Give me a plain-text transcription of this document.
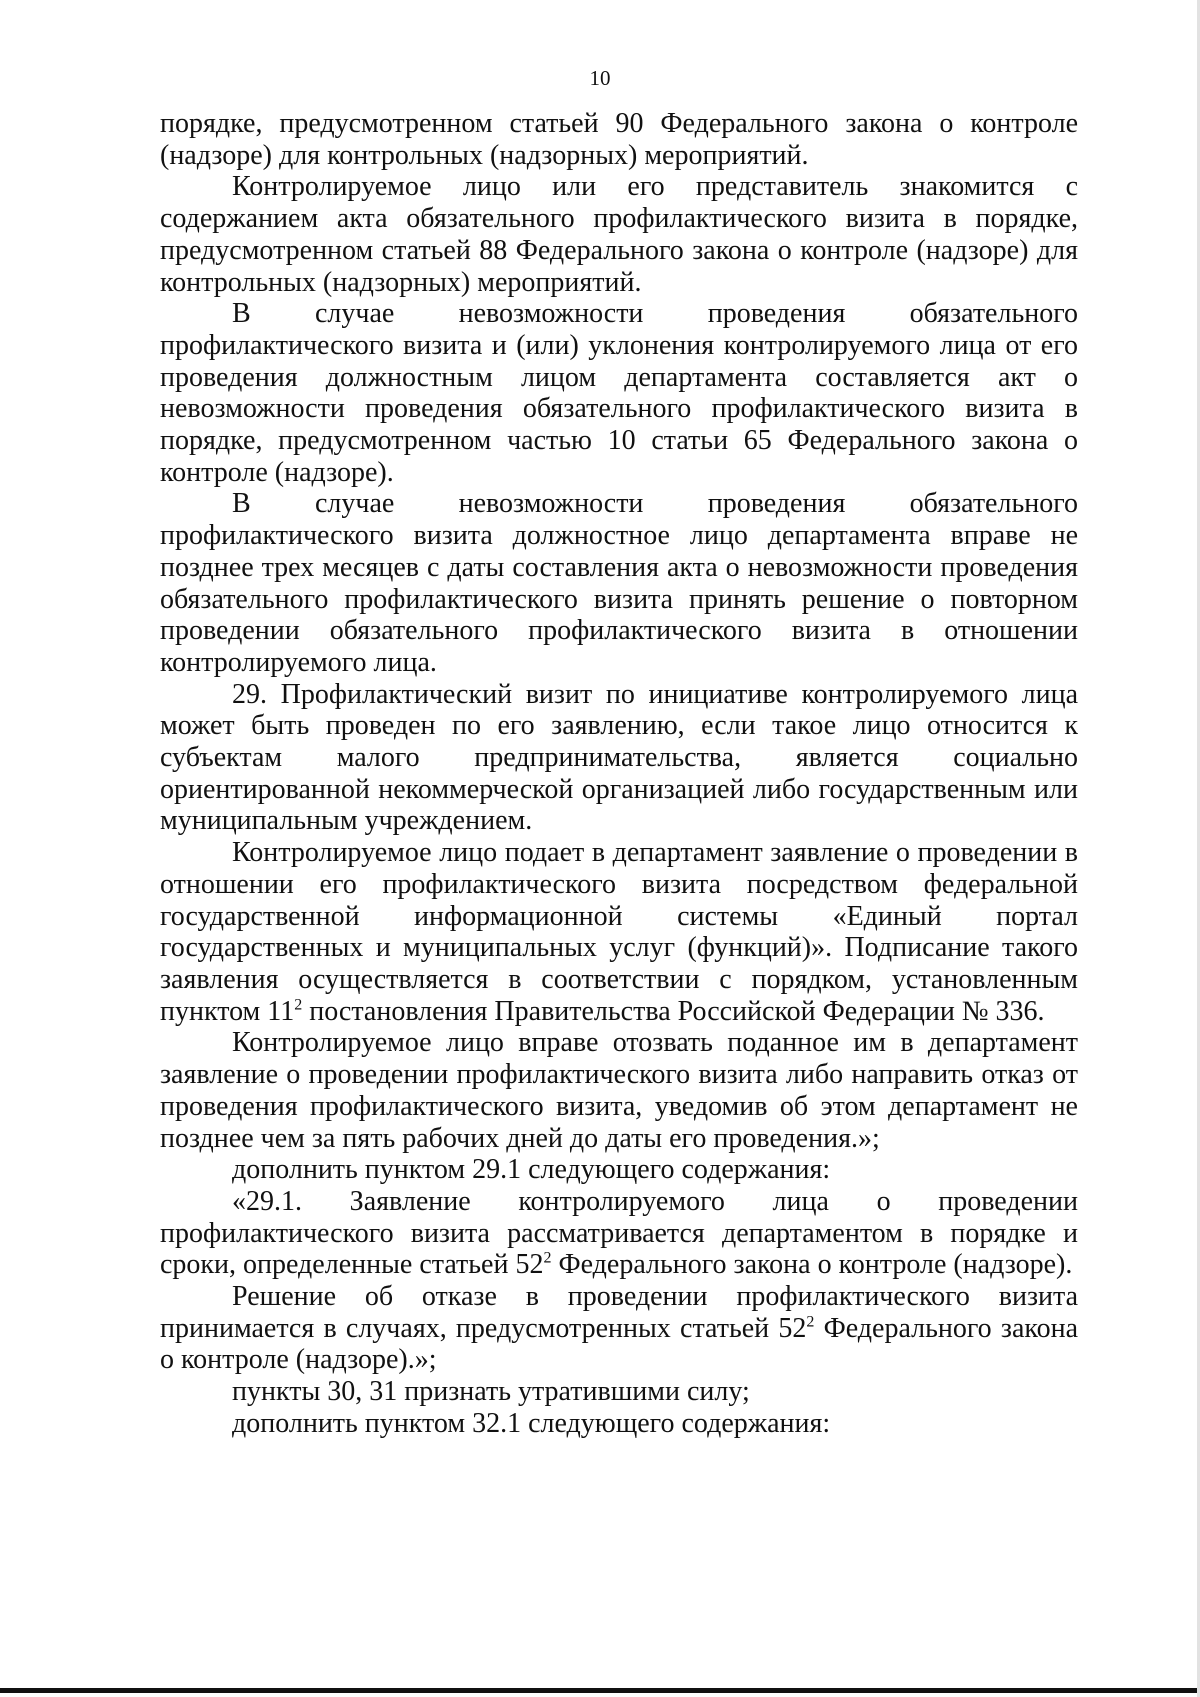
10

порядке, предусмотренном статьей 90 Федерального закона о контроле (надзоре) для контрольных (надзорных) мероприятий.

Контролируемое лицо или его представитель знакомится с содержанием акта обязательного профилактического визита в порядке, предусмотренном статьей 88 Федерального закона о контроле (надзоре) для контрольных (надзорных) мероприятий.

В случае невозможности проведения обязательного профилактического визита и (или) уклонения контролируемого лица от его проведения должностным лицом департамента составляется акт о невозможности проведения обязательного профилактического визита в порядке, предусмотренном частью 10 статьи 65 Федерального закона о контроле (надзоре).

В случае невозможности проведения обязательного профилактического визита должностное лицо департамента вправе не позднее трех месяцев с даты составления акта о невозможности проведения обязательного профилактического визита принять решение о повторном проведении обязательного профилактического визита в отношении контролируемого лица.

29. Профилактический визит по инициативе контролируемого лица может быть проведен по его заявлению, если такое лицо относится к субъектам малого предпринимательства, является социально ориентированной некоммерческой организацией либо государственным или муниципальным учреждением.

Контролируемое лицо подает в департамент заявление о проведении в отношении его профилактического визита посредством федеральной государственной информационной системы «Единый портал государственных и муниципальных услуг (функций)». Подписание такого заявления осуществляется в соответствии с порядком, установленным пунктом $11^2$ постановления Правительства Российской Федерации № 336.

Контролируемое лицо вправе отозвать поданное им в департамент заявление о проведении профилактического визита либо направить отказ от проведения профилактического визита, уведомив об этом департамент не позднее чем за пять рабочих дней до даты его проведения.»;

дополнить пунктом 29.1 следующего содержания:

«29.1. Заявление контролируемого лица о проведении профилактического визита рассматривается департаментом в порядке и сроки, определенные статьей $52^2$ Федерального закона о контроле (надзоре).

Решение об отказе в проведении профилактического визита принимается в случаях, предусмотренных статьей $52^2$ Федерального закона о контроле (надзоре).»;

пункты 30, 31 признать утратившими силу;

дополнить пунктом 32.1 следующего содержания:
